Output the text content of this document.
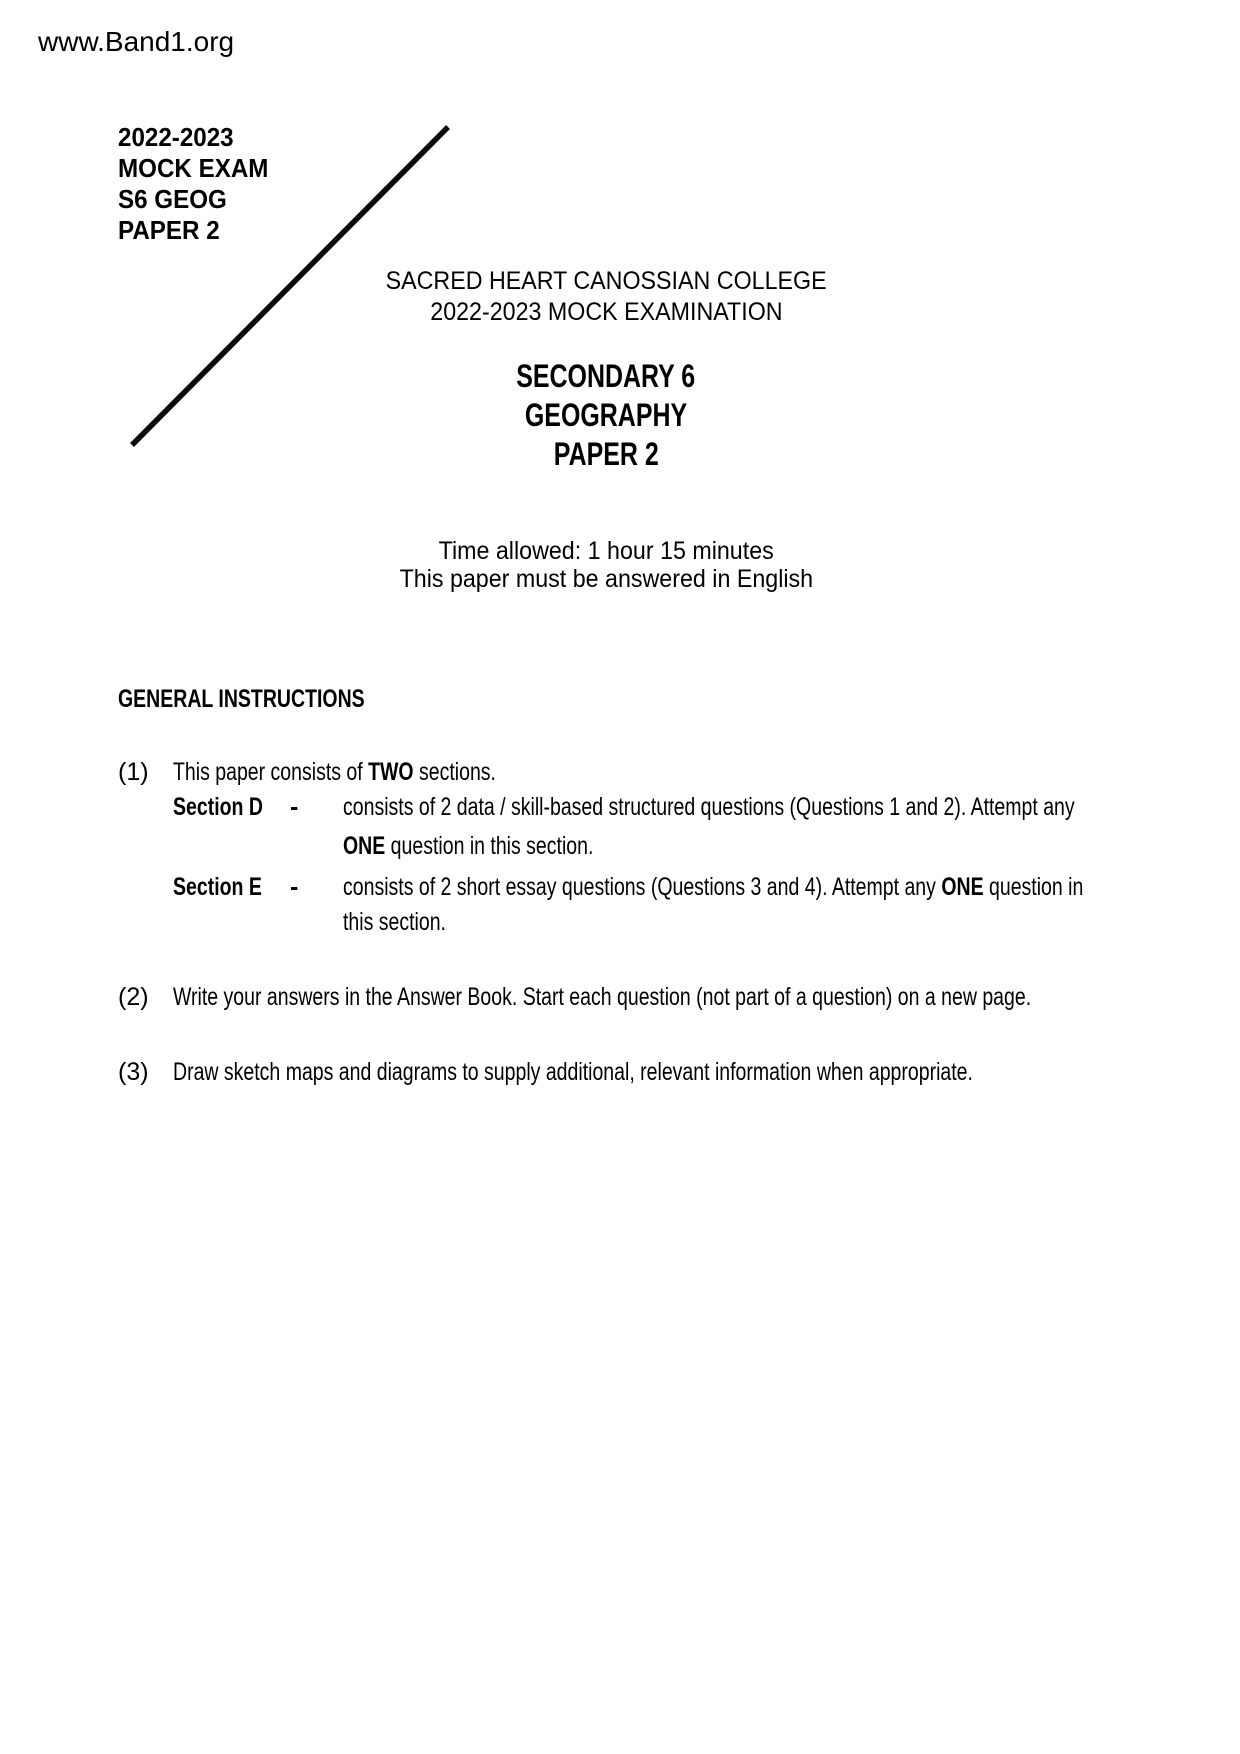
www.Band1.org
2022-2023
MOCK EXAM
S6 GEOG
PAPER 2
SACRED HEART CANOSSIAN COLLEGE
2022-2023 MOCK EXAMINATION
SECONDARY 6
GEOGRAPHY
PAPER 2
Time allowed: 1 hour 15 minutes
This paper must be answered in English
GENERAL INSTRUCTIONS
(1) This paper consists of TWO sections.
Section D	- consists of 2 data / skill-based structured questions (Questions 1 and 2). Attempt any
ONE question in this section.
Section E	- consists of 2 short essay questions (Questions 3 and 4). Attempt any ONE question in
this section.
(2) Write your answers in the Answer Book. Start each question (not part of a question) on a new page.
(3) Draw sketch maps and diagrams to supply additional, relevant information when appropriate.
